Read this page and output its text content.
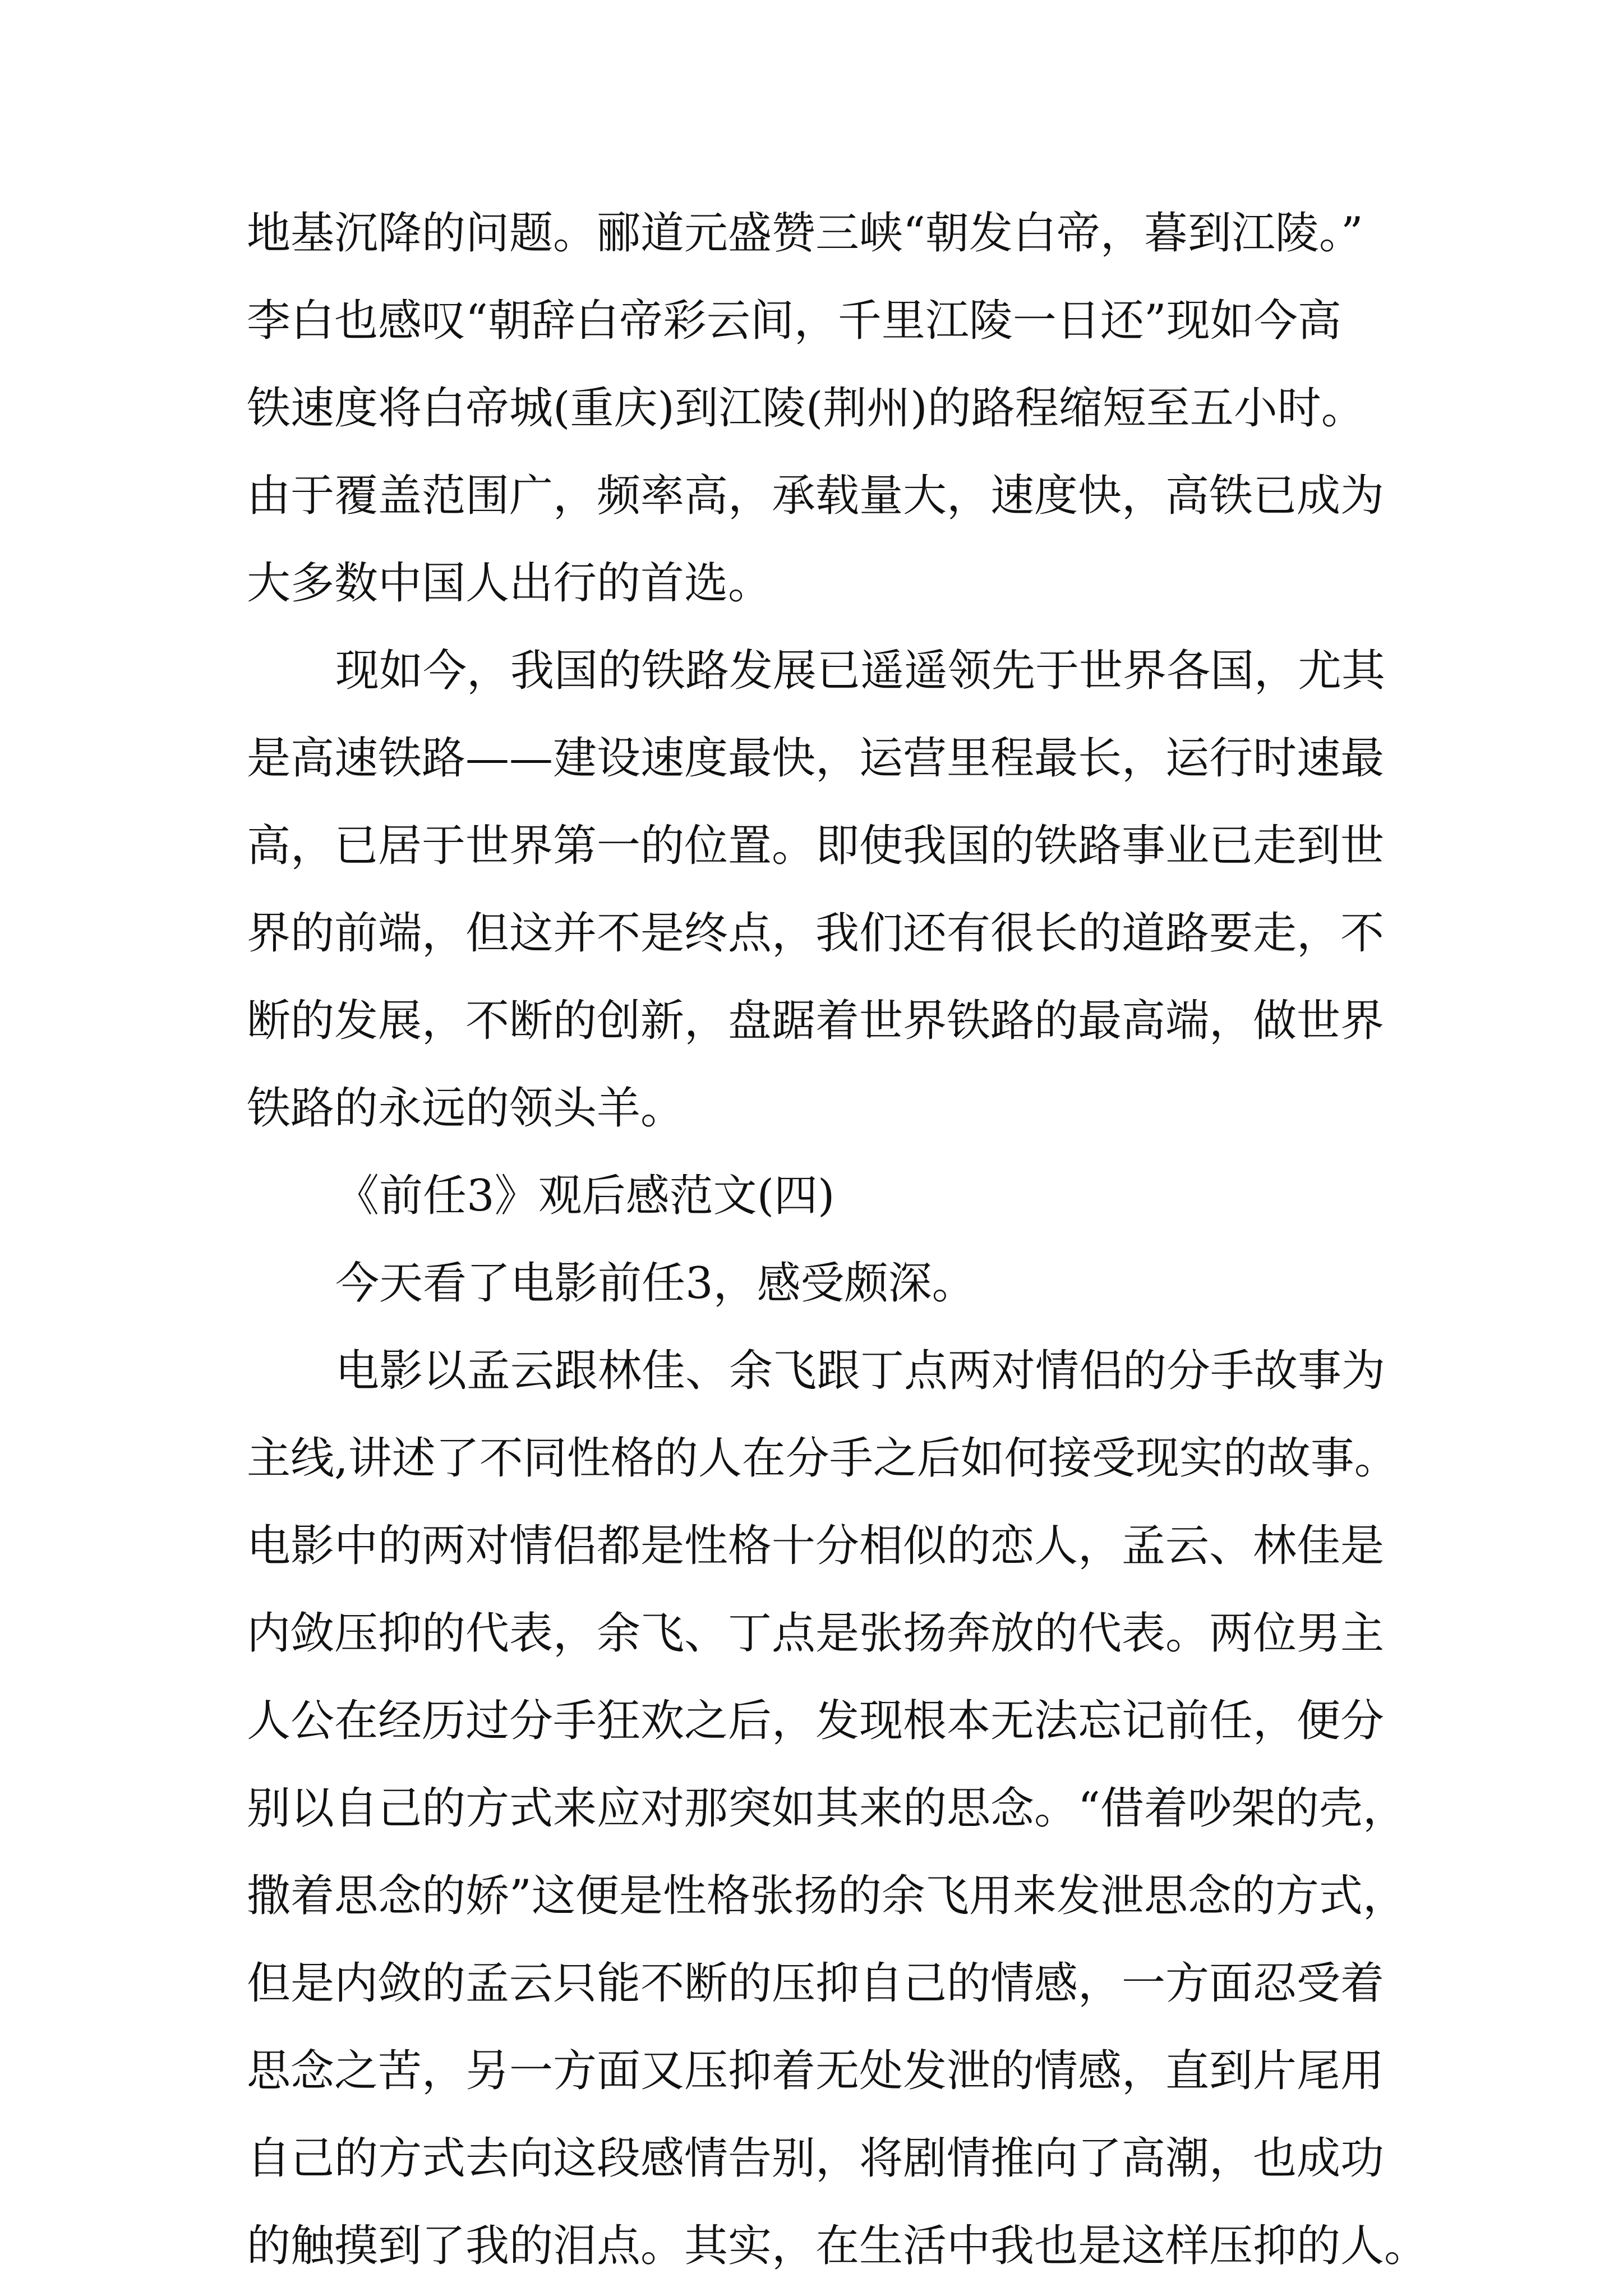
地基沉降的问题。郦道元盛赞三峡“朝发白帝，暮到江陵。”

李白也感叹“朝辞白帝彩云间，千里江陵一日还”现如今高

铁速度将白帝城(重庆)到江陵(荆州)的路程缩短至五小时。

由于覆盖范围广，频率高，承载量大，速度快，高铁已成为

大多数中国人出行的首选。

现如今，我国的铁路发展已遥遥领先于世界各国，尤其

是高速铁路——建设速度最快，运营里程最长，运行时速最

高，已居于世界第一的位置。即使我国的铁路事业已走到世

界的前端，但这并不是终点，我们还有很长的道路要走，不

断的发展，不断的创新，盘踞着世界铁路的最高端，做世界

铁路的永远的领头羊。

《前任3》观后感范文(四)

今天看了电影前任3，感受颇深。

电影以孟云跟林佳、余飞跟丁点两对情侣的分手故事为

主线,讲述了不同性格的人在分手之后如何接受现实的故事。

电影中的两对情侣都是性格十分相似的恋人，孟云、林佳是

内敛压抑的代表，余飞、丁点是张扬奔放的代表。两位男主

人公在经历过分手狂欢之后，发现根本无法忘记前任，便分

别以自己的方式来应对那突如其来的思念。“借着吵架的壳，

撒着思念的娇”这便是性格张扬的余飞用来发泄思念的方式，

但是内敛的孟云只能不断的压抑自己的情感，一方面忍受着

思念之苦，另一方面又压抑着无处发泄的情感，直到片尾用

自己的方式去向这段感情告别，将剧情推向了高潮，也成功

的触摸到了我的泪点。其实，在生活中我也是这样压抑的人。
